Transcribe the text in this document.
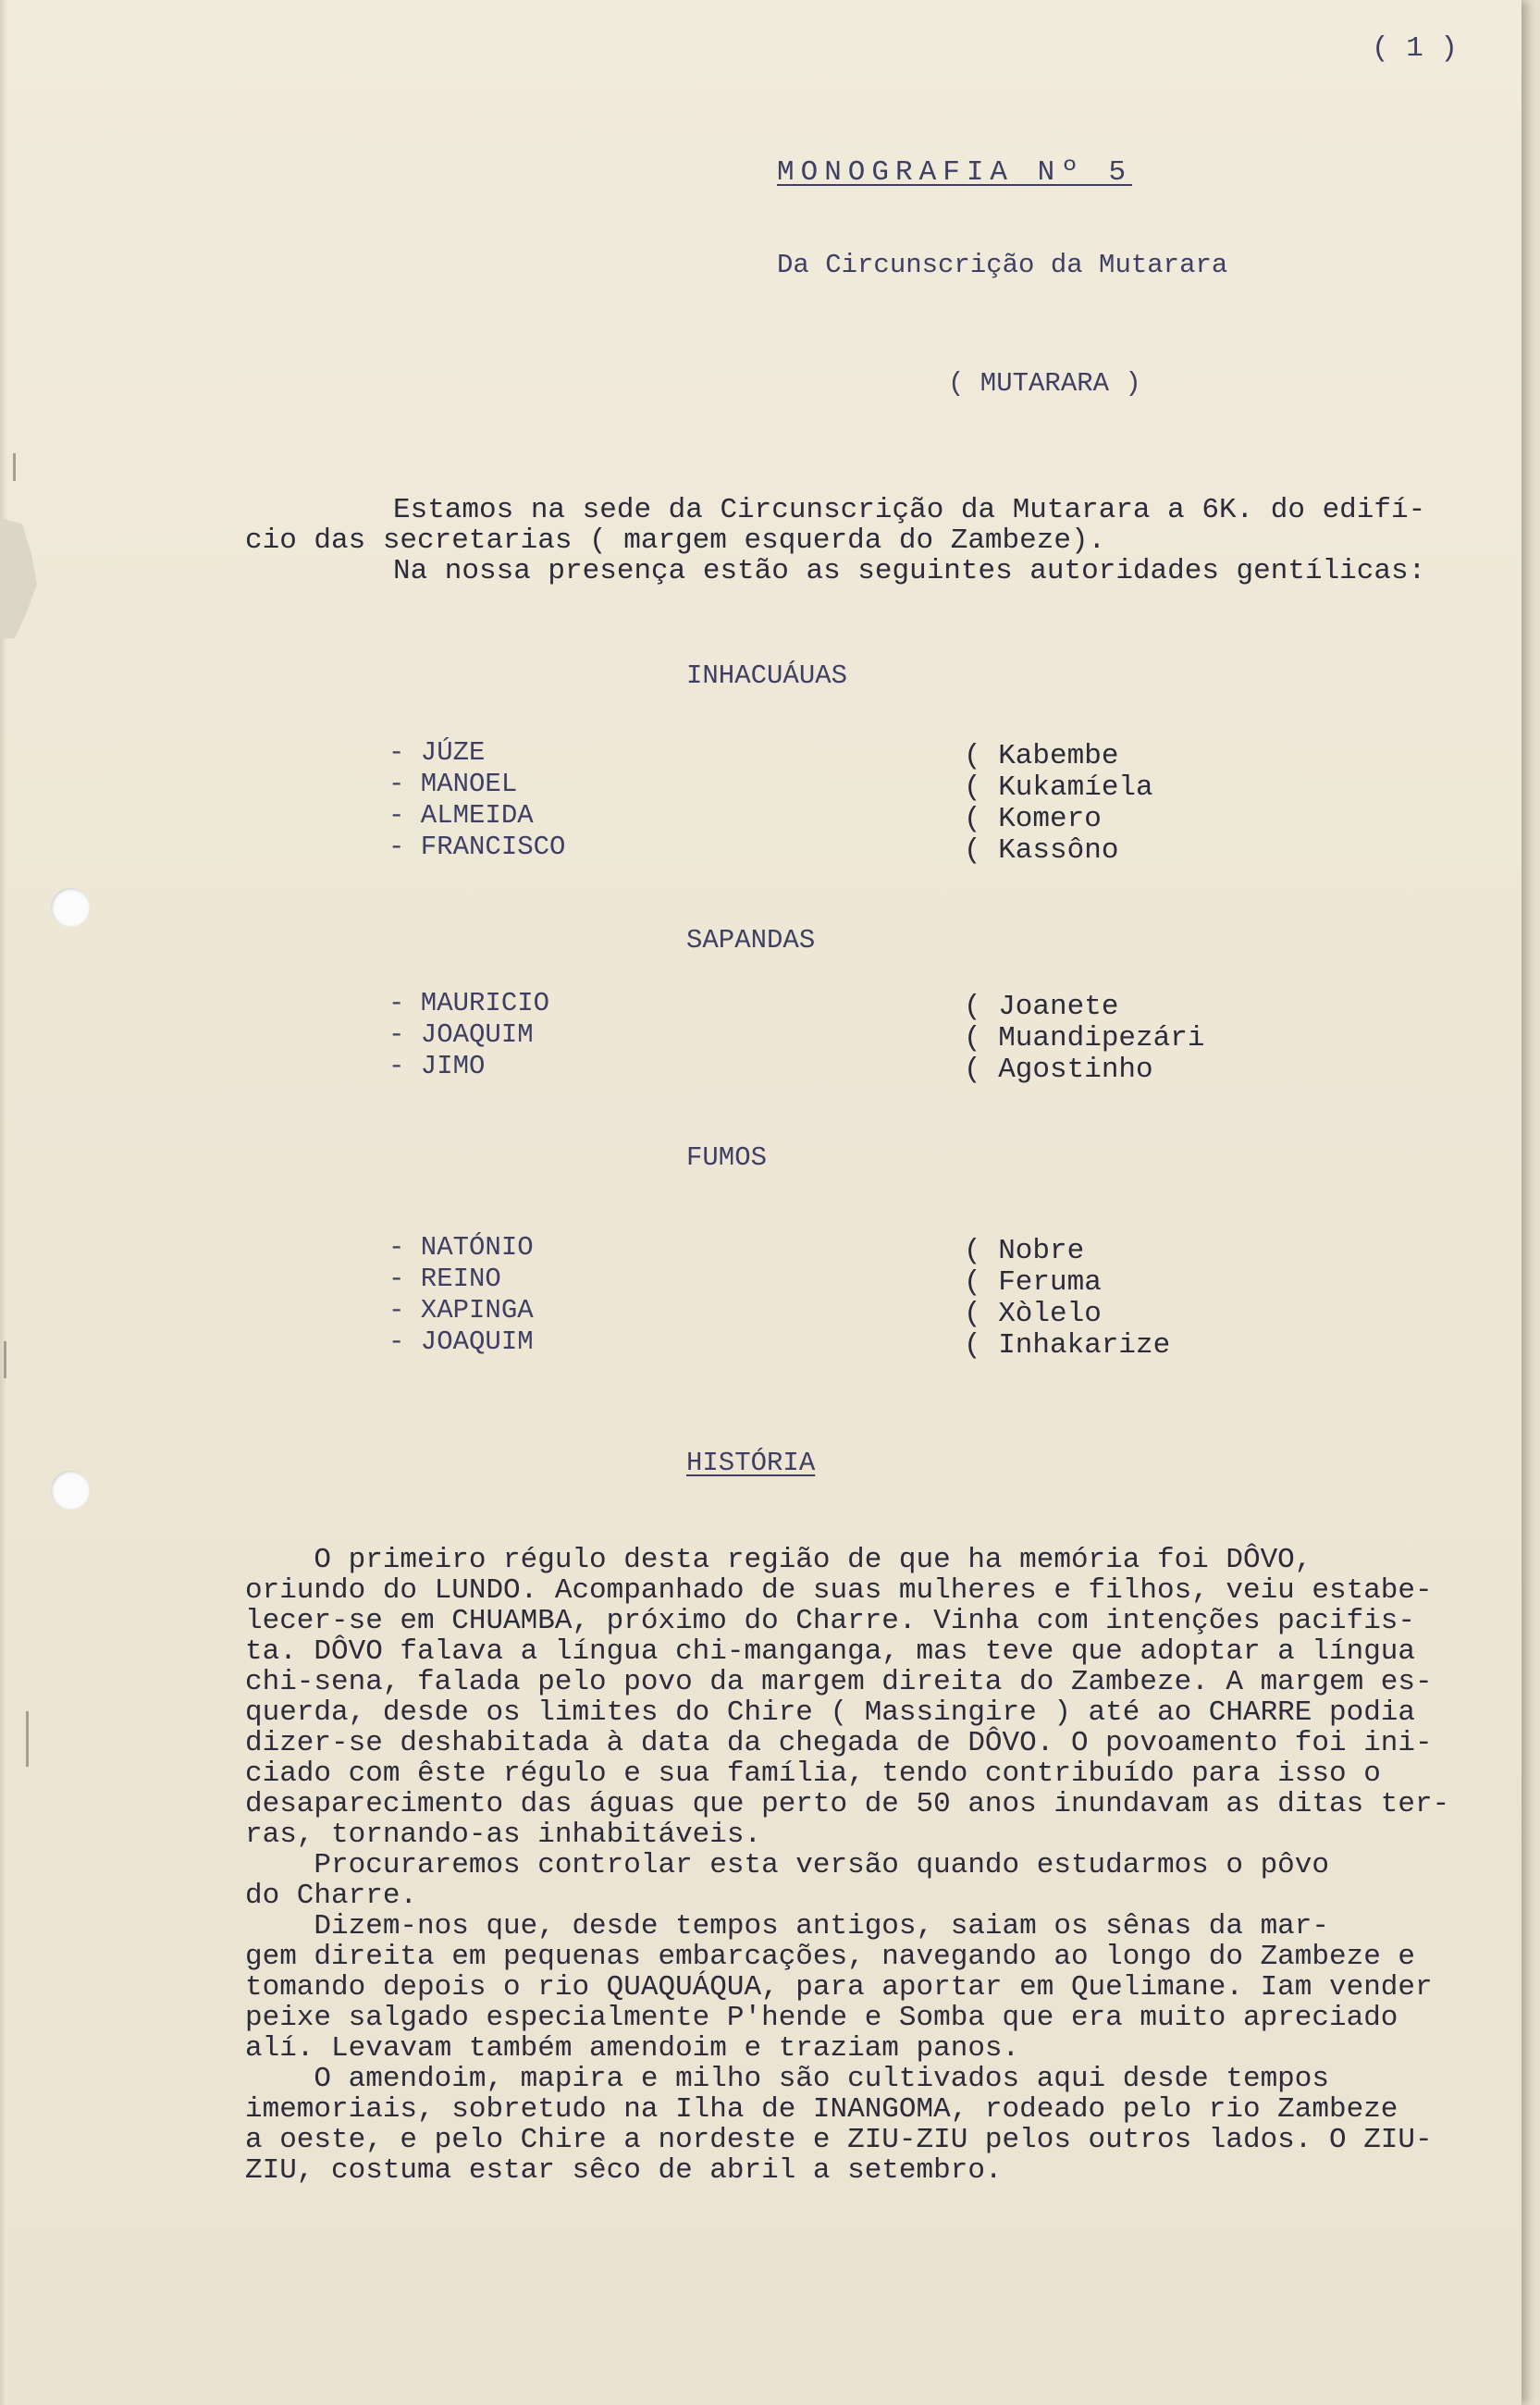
( 1 )
MONOGRAFIA Nº 5
Da Circunscrição da Mutarara
( MUTARARA )
Estamos na sede da Circunscrição da Mutarara a 6K. do edifí-
cio das secretarias ( margem esquerda do Zambeze).
Na nossa presença estão as seguintes autoridades gentílicas:
INHACUÁUAS
- JÚZE	( Kabembe
- MANOEL	( Kukamíela
- ALMEIDA	( Komero
- FRANCISCO	( Kassôno
SAPANDAS
- MAURICIO	( Joanete
- JOAQUIM	( Muandipezári
- JIMO	( Agostinho
FUMOS
- NATÓNIO	( Nobre
- REINO	( Feruma
- XAPINGA	( Xòlelo
- JOAQUIM	( Inhakarize
HISTÓRIA
O primeiro régulo desta região de que ha memória foi DÔVO,
oriundo do LUNDO. Acompanhado de suas mulheres e filhos, veiu estabe-
lecer-se em CHUAMBA, próximo do Charre. Vinha com intenções pacifis-
ta. DÔVO falava a língua chi-manganga, mas teve que adoptar a língua
chi-sena, falada pelo povo da margem direita do Zambeze. A margem es-
querda, desde os limites do Chire ( Massingire ) até ao CHARRE podia
dizer-se deshabitada à data da chegada de DÔVO. O povoamento foi ini-
ciado com êste régulo e sua família, tendo contribuído para isso o
desaparecimento das águas que perto de 50 anos inundavam as ditas ter-
ras, tornando-as inhabitáveis.
Procuraremos controlar esta versão quando estudarmos o pôvo
do Charre.
Dizem-nos que, desde tempos antigos, saiam os sênas da mar-
gem direita em pequenas embarcações, navegando ao longo do Zambeze e
tomando depois o rio QUAQUÁQUA, para aportar em Quelimane. Iam vender
peixe salgado especialmente P'hende e Somba que era muito apreciado
alí. Levavam também amendoim e traziam panos.
O amendoim, mapira e milho são cultivados aqui desde tempos
imemoriais, sobretudo na Ilha de INANGOMA, rodeado pelo rio Zambeze
a oeste, e pelo Chire a nordeste e ZIU-ZIU pelos outros lados. O ZIU-
ZIU, costuma estar sêco de abril a setembro.
